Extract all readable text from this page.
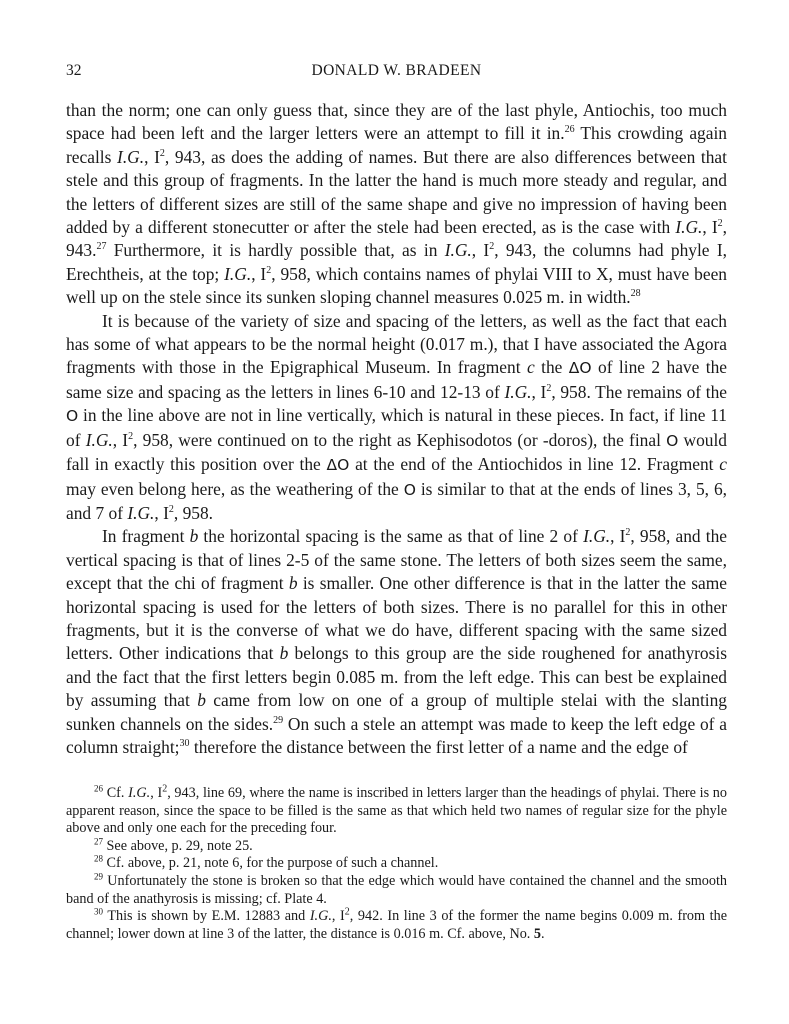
32	DONALD W. BRADEEN

than the norm; one can only guess that, since they are of the last phyle, Antiochis, too much space had been left and the larger letters were an attempt to fill it in.$^{26}$ This crowding again recalls I.G., $I^2$, 943, as does the adding of names. But there are also differences between that stele and this group of fragments. In the latter the hand is much more steady and regular, and the letters of different sizes are still of the same shape and give no impression of having been added by a different stonecutter or after the stele had been erected, as is the case with I.G., $I^2$, 943.27 Furthermore, it is hardly possible that, as in I.G., $I^2$, 943, the columns had phyle I, Erechtheis, at the top; I.G., $I^2$, 958, which contains names of phylai VIII to X, must have been well up on the stele since its sunken sloping channel measures 0.025 m. in width.$^{28}$

It is because of the variety of size and spacing of the letters, as well as the fact that each has some of what appears to be the normal height (0.017 m.), that I have associated the Agora fragments with those in the Epigraphical Museum. In fragment c the ΔΟ of line 2 have the same size and spacing as the letters in lines 6-10 and 12-13 of I.G., $I^2$, 958. The remains of the Ο in the line above are not in line vertically, which is natural in these pieces. In fact, if line 11 of I.G., $I^2$, 958, were continued on to the right as Kephisodotos (or -doros), the final Ο would fall in exactly this position over the ΔΟ at the end of the Antiochidos in line 12. Fragment c may even belong here, as the weathering of the Ο is similar to that at the ends of lines 3, 5, 6, and 7 of I.G., $I^2$, 958.

In fragment b the horizontal spacing is the same as that of line 2 of I.G., $I^2$, 958, and the vertical spacing is that of lines 2-5 of the same stone. The letters of both sizes seem the same, except that the chi of fragment b is smaller. One other difference is that in the latter the same horizontal spacing is used for the letters of both sizes. There is no parallel for this in other fragments, but it is the converse of what we do have, different spacing with the same sized letters. Other indications that b belongs to this group are the side roughened for anathyrosis and the fact that the first letters begin 0.085 m. from the left edge. This can best be explained by assuming that b came from low on one of a group of multiple stelai with the slanting sunken channels on the sides.$^{29}$ On such a stele an attempt was made to keep the left edge of a column straight;$^{30}$ therefore the distance between the first letter of a name and the edge of

$^{26}$ Cf. I.G., $I^2$, 943, line 69, where the name is inscribed in letters larger than the headings of phylai. There is no apparent reason, since the space to be filled is the same as that which held two names of regular size for the phyle above and only one each for the preceding four.

$^{27}$ See above, p. 29, note 25.

$^{28}$ Cf. above, p. 21, note 6, for the purpose of such a channel.

$^{29}$ Unfortunately the stone is broken so that the edge which would have contained the channel and the smooth band of the anathyrosis is missing; cf. Plate 4.

$^{30}$ This is shown by E.M. 12883 and I.G., $I^2$, 942. In line 3 of the former the name begins 0.009 m. from the channel; lower down at line 3 of the latter, the distance is 0.016 m. Cf. above, No. 5.
